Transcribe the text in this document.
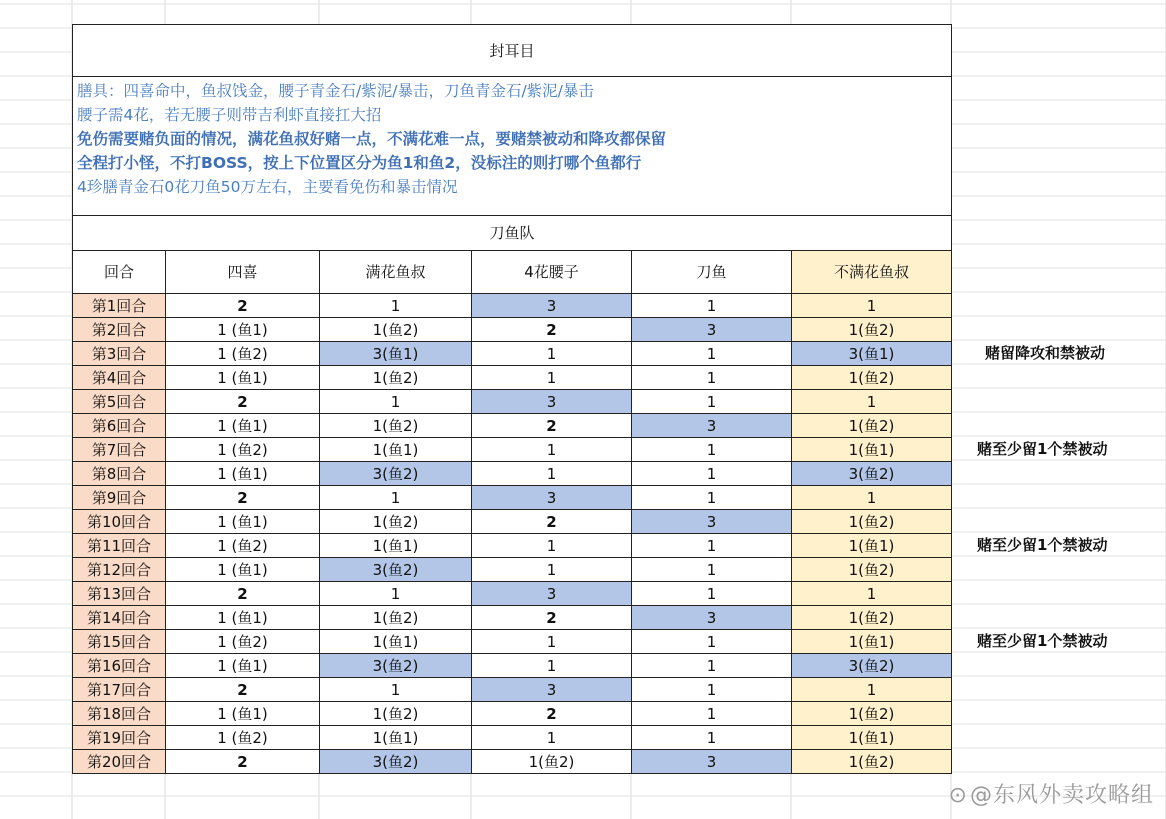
封耳目					

膳具：四喜命中，鱼叔饯金，腰子青金石/紫泥/暴击，刀鱼青金石/紫泥/暴击
腰子需4花，若无腰子则带吉利虾直接扛大招
免伤需要赌负面的情况，满花鱼叔好赌一点，不满花难一点，要赌禁被动和降攻都保留
全程打小怪，不打BOSS，按上下位置区分为鱼1和鱼2，没标注的则打哪个鱼都行
4珍膳青金石0花刀鱼50万左右，主要看免伤和暴击情况					

刀鱼队					
回合	四喜	满花鱼叔	4花腰子	刀鱼	不满花鱼叔
第1回合	2	1	3	1	1
第2回合	1 (鱼1)	1(鱼2)	2	3	1(鱼2)
第3回合	1 (鱼2)	3(鱼1)	1	1	3(鱼1)
第4回合	1 (鱼1)	1(鱼2)	1	1	1(鱼2)
第5回合	2	1	3	1	1
第6回合	1 (鱼1)	1(鱼2)	2	3	1(鱼2)
第7回合	1 (鱼2)	1(鱼1)	1	1	1(鱼1)
第8回合	1 (鱼1)	3(鱼2)	1	1	3(鱼2)
第9回合	2	1	3	1	1
第10回合	1 (鱼1)	1(鱼2)	2	3	1(鱼2)
第11回合	1 (鱼2)	1(鱼1)	1	1	1(鱼1)
第12回合	1 (鱼1)	3(鱼2)	1	1	1(鱼2)
第13回合	2	1	3	1	1
第14回合	1 (鱼1)	1(鱼2)	2	3	1(鱼2)
第15回合	1 (鱼2)	1(鱼1)	1	1	1(鱼1)
第16回合	1 (鱼1)	3(鱼2)	1	1	3(鱼2)
第17回合	2	1	3	1	1
第18回合	1 (鱼1)	1(鱼2)	2	1	1(鱼2)
第19回合	1 (鱼2)	1(鱼1)	1	1	1(鱼1)
第20回合	2	3(鱼2)	1(鱼2)	3	1(鱼2)
赌留降攻和禁被动
赌至少留1个禁被动
赌至少留1个禁被动
赌至少留1个禁被动
⊙@东风外卖攻略组
